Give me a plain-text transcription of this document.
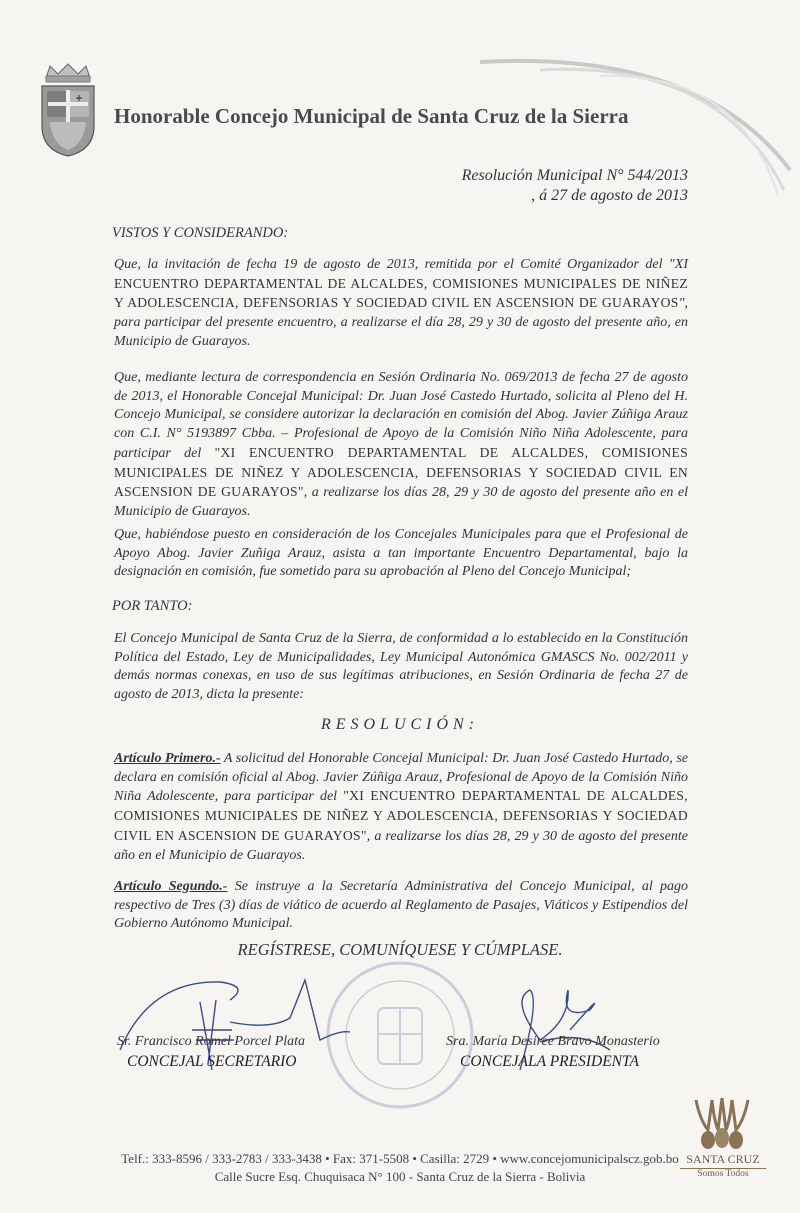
Honorable Concejo Municipal de Santa Cruz de la Sierra
Resolución Municipal N° 544/2013
, á 27 de agosto de 2013
VISTOS Y CONSIDERANDO:
Que, la invitación de fecha 19 de agosto de 2013, remitida por el Comité Organizador del "XI ENCUENTRO DEPARTAMENTAL DE ALCALDES, COMISIONES MUNICIPALES DE NIÑEZ Y ADOLESCENCIA, DEFENSORIAS Y SOCIEDAD CIVIL EN ASCENSION DE GUARAYOS", para participar del presente encuentro, a realizarse el día 28, 29 y 30 de agosto del presente año, en Municipio de Guarayos.
Que, mediante lectura de correspondencia en Sesión Ordinaria No. 069/2013 de fecha 27 de agosto de 2013, el Honorable Concejal Municipal: Dr. Juan José Castedo Hurtado, solicita al Pleno del H. Concejo Municipal, se considere autorizar la declaración en comisión del Abog. Javier Zúñiga Arauz con C.I. N° 5193897 Cbba. – Profesional de Apoyo de la Comisión Niño Niña Adolescente, para participar del "XI ENCUENTRO DEPARTAMENTAL DE ALCALDES, COMISIONES MUNICIPALES DE NIÑEZ Y ADOLESCENCIA, DEFENSORIAS Y SOCIEDAD CIVIL EN ASCENSION DE GUARAYOS", a realizarse los días 28, 29 y 30 de agosto del presente año en el Municipio de Guarayos.
Que, habiéndose puesto en consideración de los Concejales Municipales para que el Profesional de Apoyo Abog. Javier Zuñiga Arauz, asista a tan importante Encuentro Departamental, bajo la designación en comisión, fue sometido para su aprobación al Pleno del Concejo Municipal;
POR TANTO:
El Concejo Municipal de Santa Cruz de la Sierra, de conformidad a lo establecido en la Constitución Política del Estado, Ley de Municipalidades, Ley Municipal Autonómica GMASCS No. 002/2011 y demás normas conexas, en uso de sus legítimas atribuciones, en Sesión Ordinaria de fecha 27 de agosto de 2013, dicta la presente:
RESOLUCIÓN:
Artículo Primero.- A solicitud del Honorable Concejal Municipal: Dr. Juan José Castedo Hurtado, se declara en comisión oficial al Abog. Javier Zúñiga Arauz, Profesional de Apoyo de la Comisión Niño Niña Adolescente, para participar del "XI ENCUENTRO DEPARTAMENTAL DE ALCALDES, COMISIONES MUNICIPALES DE NIÑEZ Y ADOLESCENCIA, DEFENSORIAS Y SOCIEDAD CIVIL EN ASCENSION DE GUARAYOS", a realizarse los días 28, 29 y 30 de agosto del presente año en el Municipio de Guarayos.
Artículo Segundo.- Se instruye a la Secretaría Administrativa del Concejo Municipal, al pago respectivo de Tres (3) días de viático de acuerdo al Reglamento de Pasajes, Viáticos y Estipendios del Gobierno Autónomo Municipal.
REGÍSTRESE, COMUNÍQUESE Y CÚMPLASE.
Sr. Francisco Romel Porcel Plata
CONCEJAL SECRETARIO
Sra. María Desiree Bravo Monasterio
CONCEJALA PRESIDENTA
SANTA CRUZ
Somos Todos
Telf.: 333-8596 / 333-2783 / 333-3438 • Fax: 371-5508 • Casilla: 2729 • www.concejomunicipalscz.gob.bo
Calle Sucre Esq. Chuquisaca N° 100 - Santa Cruz de la Sierra - Bolivia
